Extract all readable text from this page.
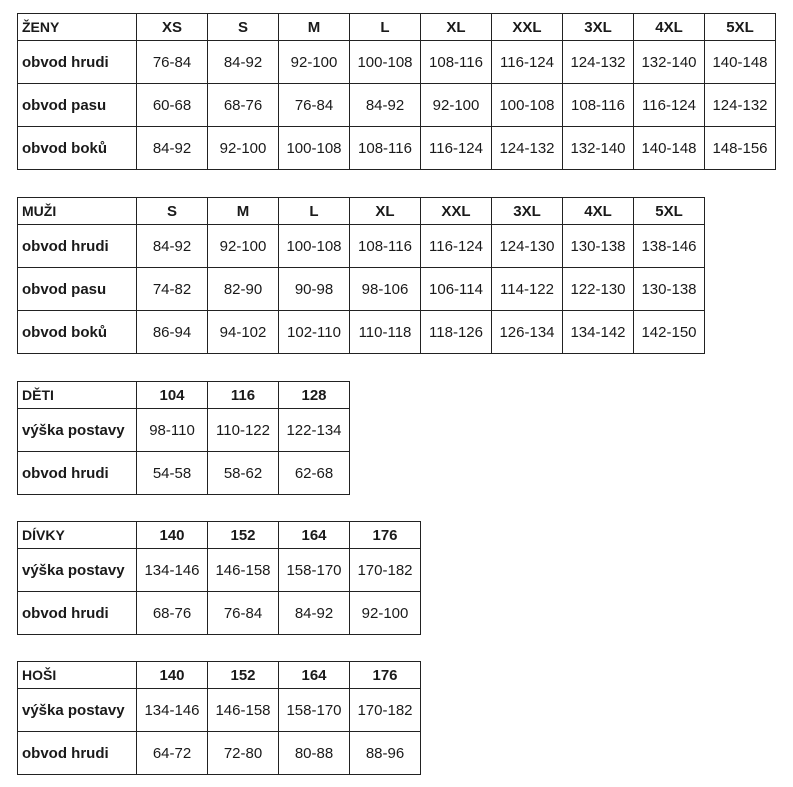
ŽENY	XS	S	M	L	XL	XXL	3XL	4XL	5XL
obvod hrudi	76-84	84-92	92-100	100-108	108-116	116-124	124-132	132-140	140-148
obvod pasu	60-68	68-76	76-84	84-92	92-100	100-108	108-116	116-124	124-132
obvod boků	84-92	92-100	100-108	108-116	116-124	124-132	132-140	140-148	148-156
MUŽI	S	M	L	XL	XXL	3XL	4XL	5XL
obvod hrudi	84-92	92-100	100-108	108-116	116-124	124-130	130-138	138-146
obvod pasu	74-82	82-90	90-98	98-106	106-114	114-122	122-130	130-138
obvod boků	86-94	94-102	102-110	110-118	118-126	126-134	134-142	142-150
DĚTI	104	116	128
výška postavy	98-110	110-122	122-134
obvod hrudi	54-58	58-62	62-68
DÍVKY	140	152	164	176
výška postavy	134-146	146-158	158-170	170-182
obvod hrudi	68-76	76-84	84-92	92-100
HOŠI	140	152	164	176
výška postavy	134-146	146-158	158-170	170-182
obvod hrudi	64-72	72-80	80-88	88-96
